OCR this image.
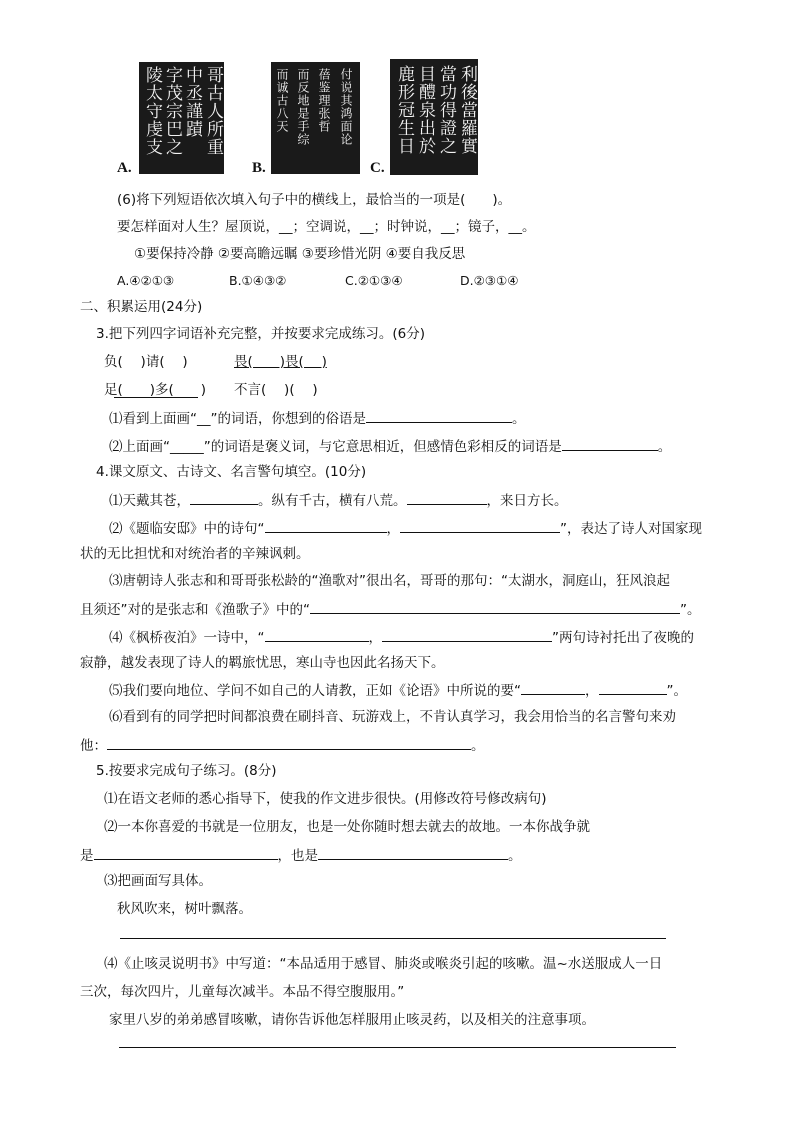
陵太守虔支 字茂宗巴之 中丞謹蹟 哥古人所重
A.
而诚古八天 而反地是手综 蓓鉴理张哲 付说其鸿面论
B.
鹿形冠生日 目醴泉出於 當功得證之 利後當羅實
C.
(6)将下列短语依次填入句子中的横线上，最恰当的一项是(　　)。
要怎样面对人生？屋顶说，__；空调说，__；时钟说，__；镜子，__。
①要保持冷静 ②要高瞻远瞩 ③要珍惜光阴 ④要自我反思
A.④②①③	B.①④③②	C.②①③④	D.②③①④
二、积累运用(24分)
3.把下列四字词语补充完整，并按要求完成练习。(6分)
负(　 )请(　 )	畏(　　)畏(　 )
足(　　)多(　　) 不言(　 )(　 )
⑴看到上面画“__”的词语，你想到的俗语是	。
⑵上面画“_____”的词语是褒义词，与它意思相近，但感情色彩相反的词语是	。
4.课文原文、古诗文、名言警句填空。(10分)
⑴天戴其苍，	。纵有千古，横有八荒。	，来日方长。
⑵《题临安邸》中的诗句“	，	”，表达了诗人对国家现
状的无比担忧和对统治者的辛辣讽刺。
⑶唐朝诗人张志和和哥哥张松龄的“渔歌对”很出名，哥哥的那句：“太湖水，洞庭山，狂风浪起
且须还”对的是张志和《渔歌子》中的“	”。
⑷《枫桥夜泊》一诗中，“	，	”两句诗衬托出了夜晚的
寂静，越发表现了诗人的羁旅忧思，寒山寺也因此名扬天下。
⑸我们要向地位、学问不如自己的人请教，正如《论语》中所说的要“	，	”。
⑹看到有的同学把时间都浪费在刷抖音、玩游戏上，不肯认真学习，我会用恰当的名言警句来劝
他：	。
5.按要求完成句子练习。(8分)
⑴在语文老师的悉心指导下，使我的作文进步很快。(用修改符号修改病句)
⑵一本你喜爱的书就是一位朋友，也是一处你随时想去就去的故地。一本你战争就
是	，也是	。
⑶把画面写具体。
秋风吹来，树叶飘落。
⑷《止咳灵说明书》中写道：“本品适用于感冒、肺炎或喉炎引起的咳嗽。温~水送服成人一日
三次，每次四片，儿童每次减半。本品不得空腹服用。”
家里八岁的弟弟感冒咳嗽，请你告诉他怎样服用止咳灵药，以及相关的注意事项。
